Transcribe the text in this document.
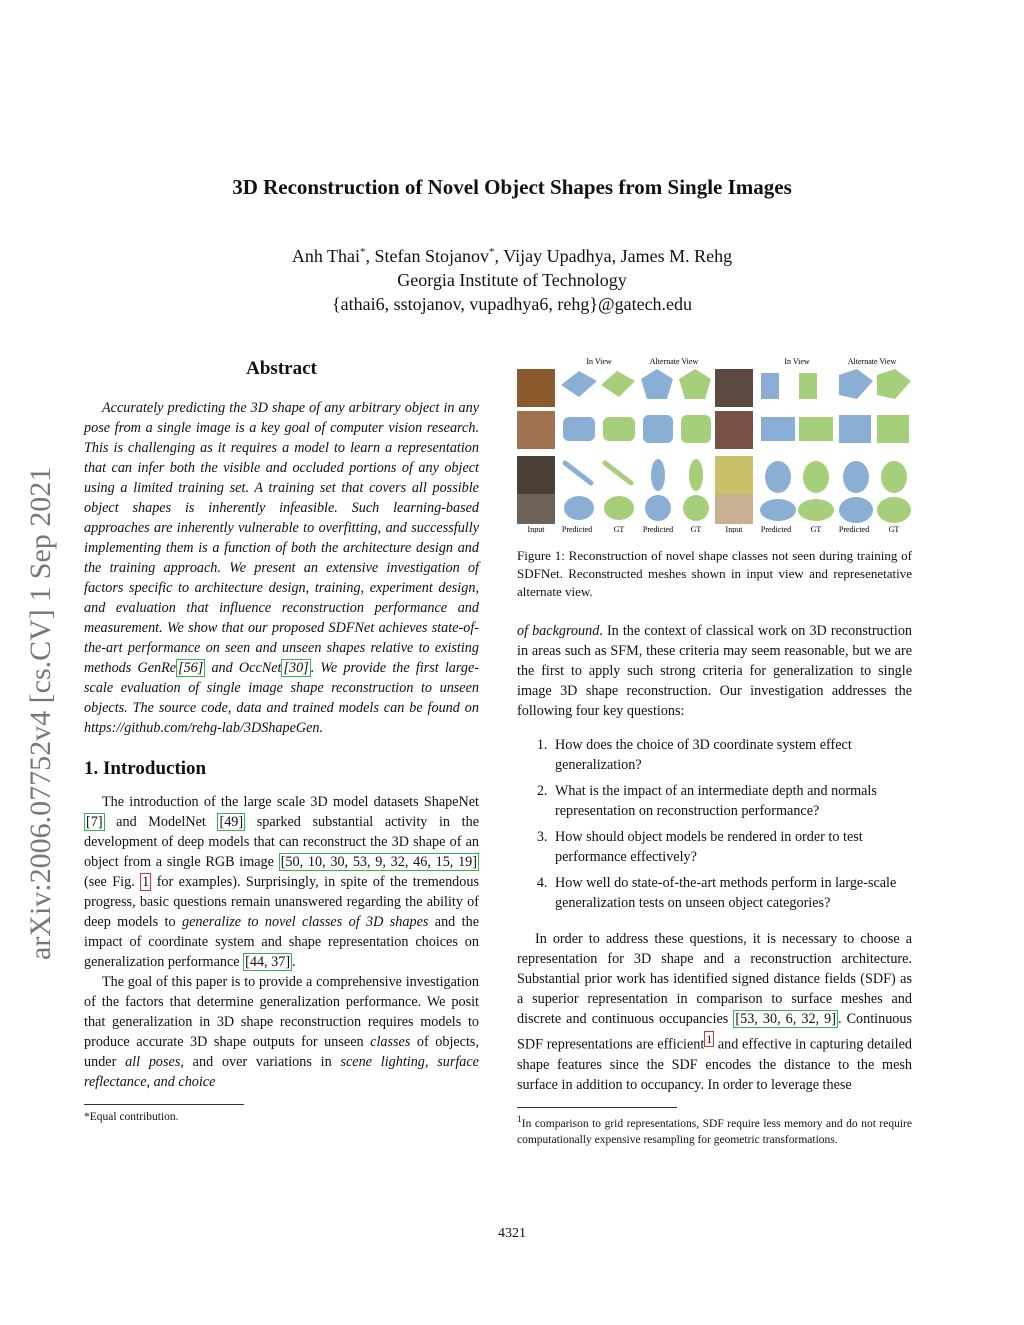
arXiv:2006.07752v4 [cs.CV] 1 Sep 2021
3D Reconstruction of Novel Object Shapes from Single Images
Anh Thai*, Stefan Stojanov*, Vijay Upadhya, James M. Rehg
Georgia Institute of Technology
{athai6, sstojanov, vupadhya6, rehg}@gatech.edu
Abstract

Accurately predicting the 3D shape of any arbitrary object in any pose from a single image is a key goal of computer vision research. This is challenging as it requires a model to learn a representation that can infer both the visible and occluded portions of any object using a limited training set. A training set that covers all possible object shapes is inherently infeasible. Such learning-based approaches are inherently vulnerable to overfitting, and successfully implementing them is a function of both the architecture design and the training approach. We present an extensive investigation of factors specific to architecture design, training, experiment design, and evaluation that influence reconstruction performance and measurement. We show that our proposed SDFNet achieves state-of-the-art performance on seen and unseen shapes relative to existing methods GenRe [56] and OccNet [30] . We provide the first large-scale evaluation of single image shape reconstruction to unseen objects. The source code, data and trained models can be found on https://github.com/rehg-lab/3DShapeGen.

1. Introduction

The introduction of the large scale 3D model datasets ShapeNet [7] and ModelNet [49] sparked substantial activity in the development of deep models that can reconstruct the 3D shape of an object from a single RGB image [50, 10, 30, 53, 9, 32, 46, 15, 19] (see Fig. 1 for examples). Surprisingly, in spite of the tremendous progress, basic questions remain unanswered regarding the ability of deep models to generalize to novel classes of 3D shapes and the impact of coordinate system and shape representation choices on generalization performance [44, 37] .

The goal of this paper is to provide a comprehensive investigation of the factors that determine generalization performance. We posit that generalization in 3D shape reconstruction requires models to produce accurate 3D shape outputs for unseen classes of objects, under all poses, and over variations in scene lighting, surface reflectance, and choice

*Equal contribution.
In View	Alternate View	In View	Alternate View
Input Predicted	GT Predicted GT	Input Predicted GT Predicted GT
Figure 1: Reconstruction of novel shape classes not seen during training of SDFNet. Reconstructed meshes shown in input view and represenetative alternate view.

of background. In the context of classical work on 3D reconstruction in areas such as SFM, these criteria may seem reasonable, but we are the first to apply such strong criteria for generalization to single image 3D shape reconstruction. Our investigation addresses the following four key questions:

1. How does the choice of 3D coordinate system effect generalization?
2. What is the impact of an intermediate depth and normals representation on reconstruction performance?
3. How should object models be rendered in order to test performance effectively?
4. How well do state-of-the-art methods perform in large-scale generalization tests on unseen object categories?

In order to address these questions, it is necessary to choose a representation for 3D shape and a reconstruction architecture. Substantial prior work has identified signed distance fields (SDF) as a superior representation in comparison to surface meshes and discrete and continuous occupancies [53, 30, 6, 32, 9] . Continuous SDF representations are efficient $^1$ and effective in capturing detailed shape features since the SDF encodes the distance to the mesh surface in addition to occupancy. In order to leverage these

$^1$In comparison to grid representations, SDF require less memory and do not require computationally expensive resampling for geometric transformations.
4321
